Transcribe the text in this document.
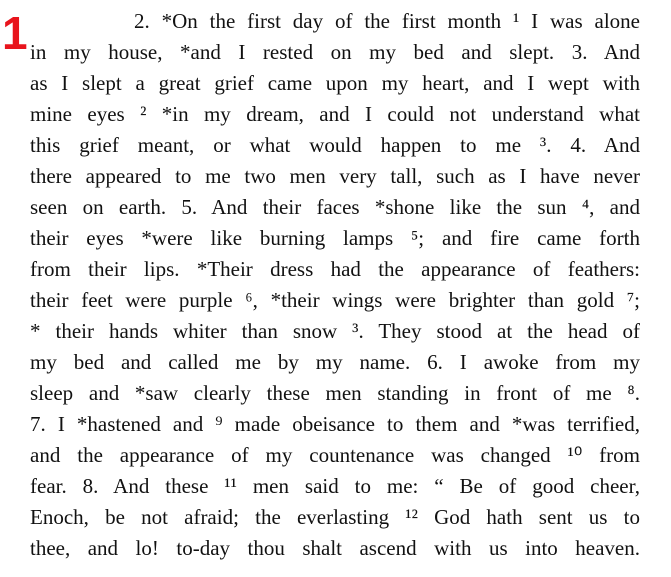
1	2. *On the first day of the first month ¹ I was alone
in my house, *and I rested on my bed and slept. 3. And
as I slept a great grief came upon my heart, and I wept with
mine eyes ² *in my dream, and I could not understand what
this grief meant, or what would happen to me ³. 4. And
there appeared to me two men very tall, such as I have never
seen on earth. 5. And their faces *shone like the sun ⁴, and
their eyes *were like burning lamps ⁵; and fire came forth
from their lips. *Their dress had the appearance of feathers:
their feet were purple ⁶, *their wings were brighter than gold ⁷;
* their hands whiter than snow ³. They stood at the head of
my bed and called me by my name. 6. I awoke from my
sleep and *saw clearly these men standing in front of me ⁸.
7. I *hastened and ⁹ made obeisance to them and *was terrified,
and the appearance of my countenance was changed ¹⁰ from
fear. 8. And these ¹¹ men said to me: “ Be of good cheer,
Enoch, be not afraid; the everlasting ¹² God hath sent us to
thee, and lo! to-day thou shalt ascend with us into heaven.
